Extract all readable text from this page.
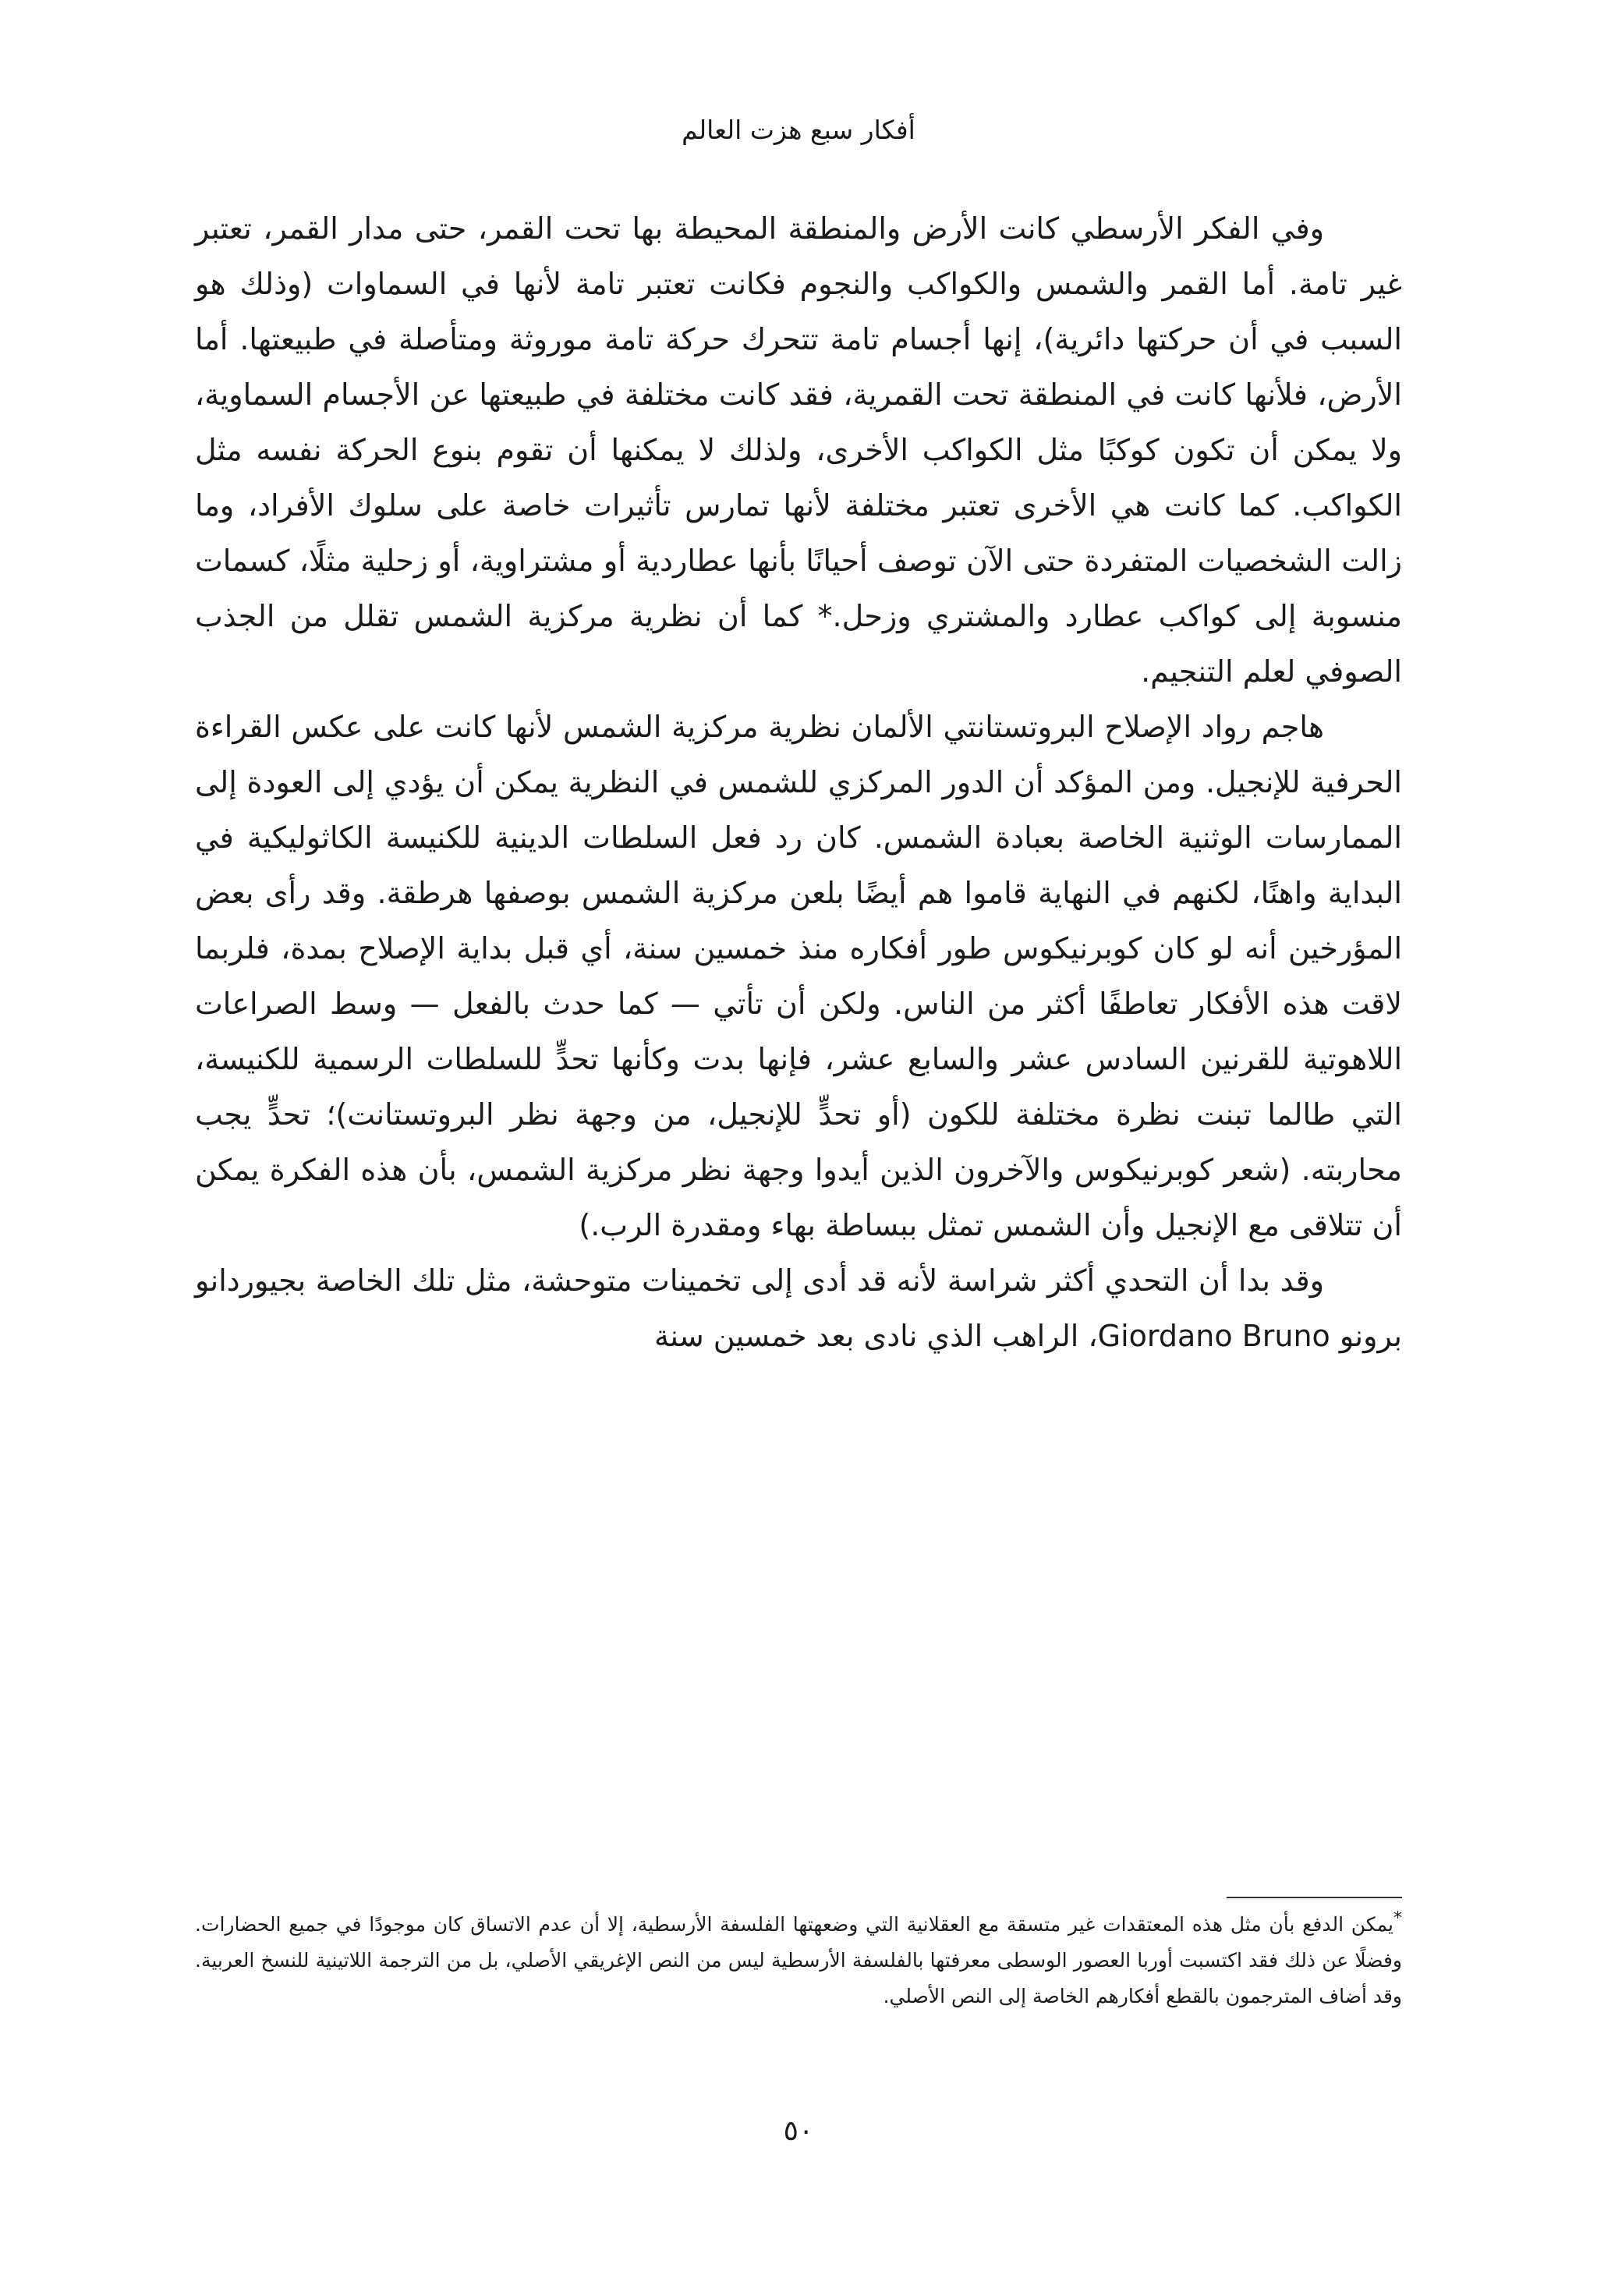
أفكار سبع هزت العالم

وفي الفكر الأرسطي كانت الأرض والمنطقة المحيطة بها تحت القمر، حتى مدار القمر، تعتبر غير تامة. أما القمر والشمس والكواكب والنجوم فكانت تعتبر تامة لأنها في السماوات (وذلك هو السبب في أن حركتها دائرية)، إنها أجسام تامة تتحرك حركة تامة موروثة ومتأصلة في طبيعتها. أما الأرض، فلأنها كانت في المنطقة تحت القمرية، فقد كانت مختلفة في طبيعتها عن الأجسام السماوية، ولا يمكن أن تكون كوكبًا مثل الكواكب الأخرى، ولذلك لا يمكنها أن تقوم بنوع الحركة نفسه مثل الكواكب. كما كانت هي الأخرى تعتبر مختلفة لأنها تمارس تأثيرات خاصة على سلوك الأفراد، وما زالت الشخصيات المتفردة حتى الآن توصف أحيانًا بأنها عطاردية أو مشتراوية، أو زحلية مثلًا، كسمات منسوبة إلى كواكب عطارد والمشتري وزحل.* كما أن نظرية مركزية الشمس تقلل من الجذب الصوفي لعلم التنجيم.

هاجم رواد الإصلاح البروتستانتي الألمان نظرية مركزية الشمس لأنها كانت على عكس القراءة الحرفية للإنجيل. ومن المؤكد أن الدور المركزي للشمس في النظرية يمكن أن يؤدي إلى العودة إلى الممارسات الوثنية الخاصة بعبادة الشمس. كان رد فعل السلطات الدينية للكنيسة الكاثوليكية في البداية واهنًا، لكنهم في النهاية قاموا هم أيضًا بلعن مركزية الشمس بوصفها هرطقة. وقد رأى بعض المؤرخين أنه لو كان كوبرنيكوس طور أفكاره منذ خمسين سنة، أي قبل بداية الإصلاح بمدة، فلربما لاقت هذه الأفكار تعاطفًا أكثر من الناس. ولكن أن تأتي — كما حدث بالفعل — وسط الصراعات اللاهوتية للقرنين السادس عشر والسابع عشر، فإنها بدت وكأنها تحدٍّ للسلطات الرسمية للكنيسة، التي طالما تبنت نظرة مختلفة للكون (أو تحدٍّ للإنجيل، من وجهة نظر البروتستانت)؛ تحدٍّ يجب محاربته. (شعر كوبرنيكوس والآخرون الذين أيدوا وجهة نظر مركزية الشمس، بأن هذه الفكرة يمكن أن تتلاقى مع الإنجيل وأن الشمس تمثل ببساطة بهاء ومقدرة الرب.)

وقد بدا أن التحدي أكثر شراسة لأنه قد أدى إلى تخمينات متوحشة، مثل تلك الخاصة بجيوردانو برونو Giordano Bruno، الراهب الذي نادى بعد خمسين سنة

*يمكن الدفع بأن مثل هذه المعتقدات غير متسقة مع العقلانية التي وضعهتها الفلسفة الأرسطية، إلا أن عدم الاتساق كان موجودًا في جميع الحضارات. وفضلًا عن ذلك فقد اكتسبت أوربا العصور الوسطى معرفتها بالفلسفة الأرسطية ليس من النص الإغريقي الأصلي، بل من الترجمة اللاتينية للنسخ العربية. وقد أضاف المترجمون بالقطع أفكارهم الخاصة إلى النص الأصلي.

٥٠
